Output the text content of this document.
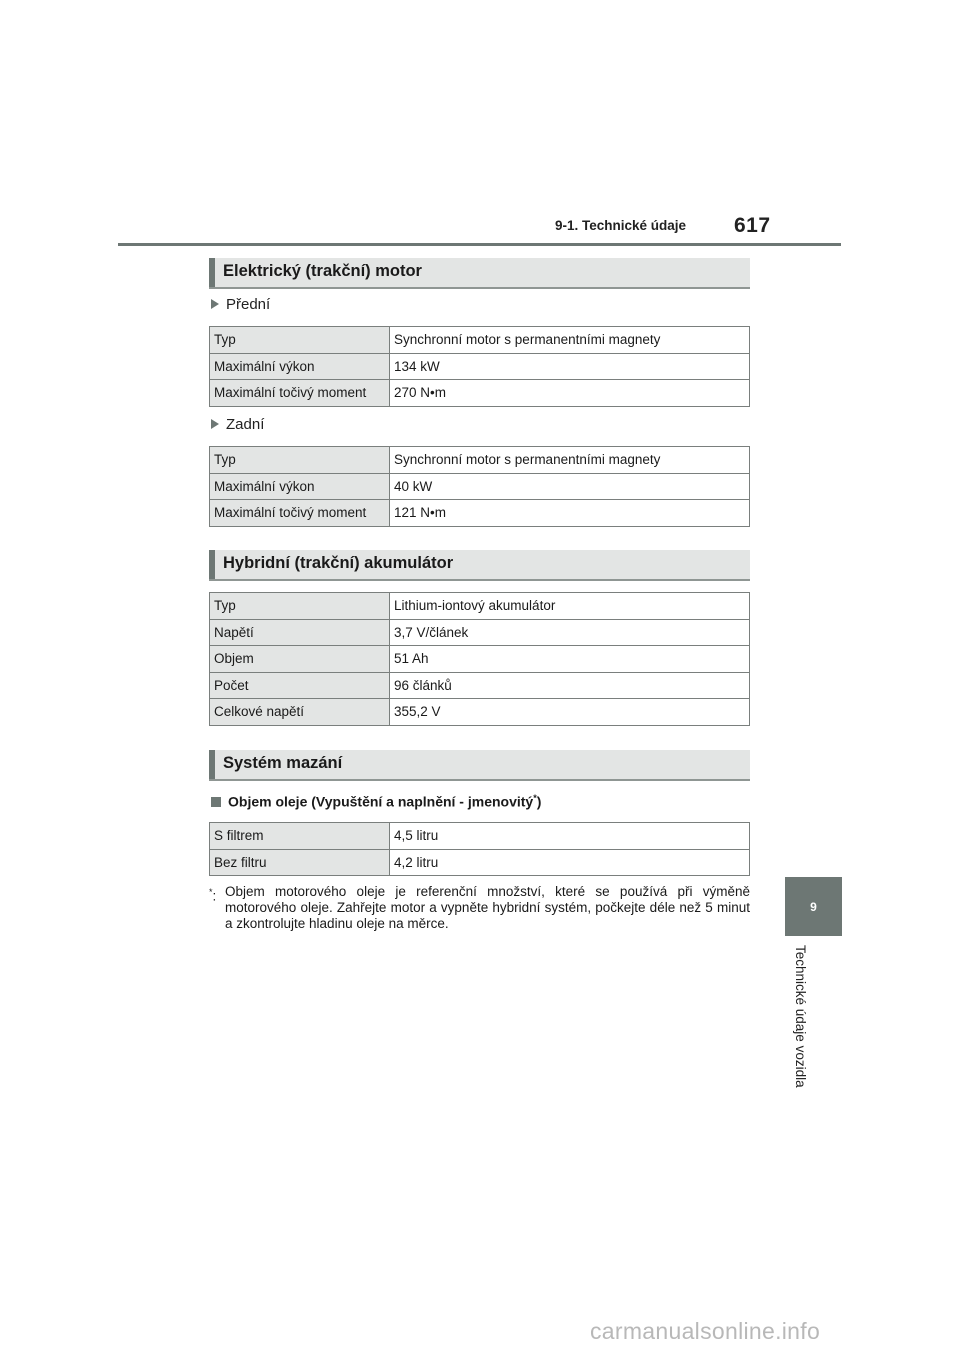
9-1. Technické údaje 617
9
Technické údaje vozidla
Elektrický (trakční) motor
Přední
Typ	Synchronní motor s permanentními magnety
Maximální výkon	134 kW
Maximální točivý moment	270 N•m
Zadní
Typ	Synchronní motor s permanentními magnety
Maximální výkon	40 kW
Maximální točivý moment	121 N•m
Hybridní (trakční) akumulátor
Typ	Lithium-iontový akumulátor
Napětí	3,7 V/článek
Objem	51 Ah
Počet	96 článků
Celkové napětí	355,2 V
Systém mazání
Objem oleje (Vypuštění a naplnění - jmenovitý*)
S filtrem	4,5 litru
Bez filtru	4,2 litru
*: Objem motorového oleje je referenční množství, které se používá při výměně motorového oleje. Zahřejte motor a vypněte hybridní systém, počkejte déle než 5 minut a zkontrolujte hladinu oleje na měrce.
carmanualsonline.info
